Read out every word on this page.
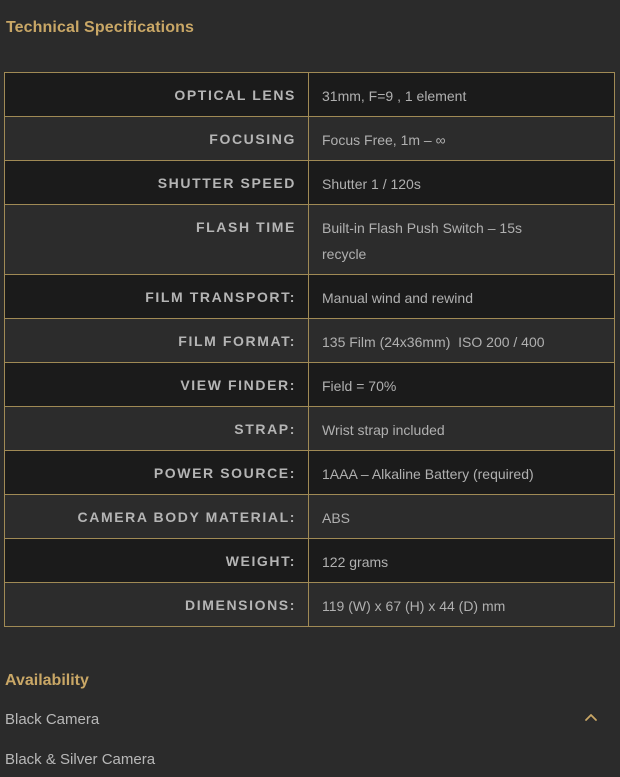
Technical Specifications
OPTICAL LENS	31mm, F=9 , 1 element

FOCUSING	Focus Free, 1m – ∞

SHUTTER SPEED	Shutter 1 / 120s

FLASH TIME	Built-in Flash Push Switch – 15s recycle

FILM TRANSPORT:	Manual wind and rewind

FILM FORMAT:	135 Film (24x36mm)  ISO 200 / 400

VIEW FINDER:	Field = 70%

STRAP:	Wrist strap included

POWER SOURCE:	1AAA – Alkaline Battery (required)

CAMERA BODY MATERIAL:	ABS

WEIGHT:	122 grams

DIMENSIONS:	119 (W) x 67 (H) x 44 (D) mm
Availability
Black Camera
Black & Silver Camera
